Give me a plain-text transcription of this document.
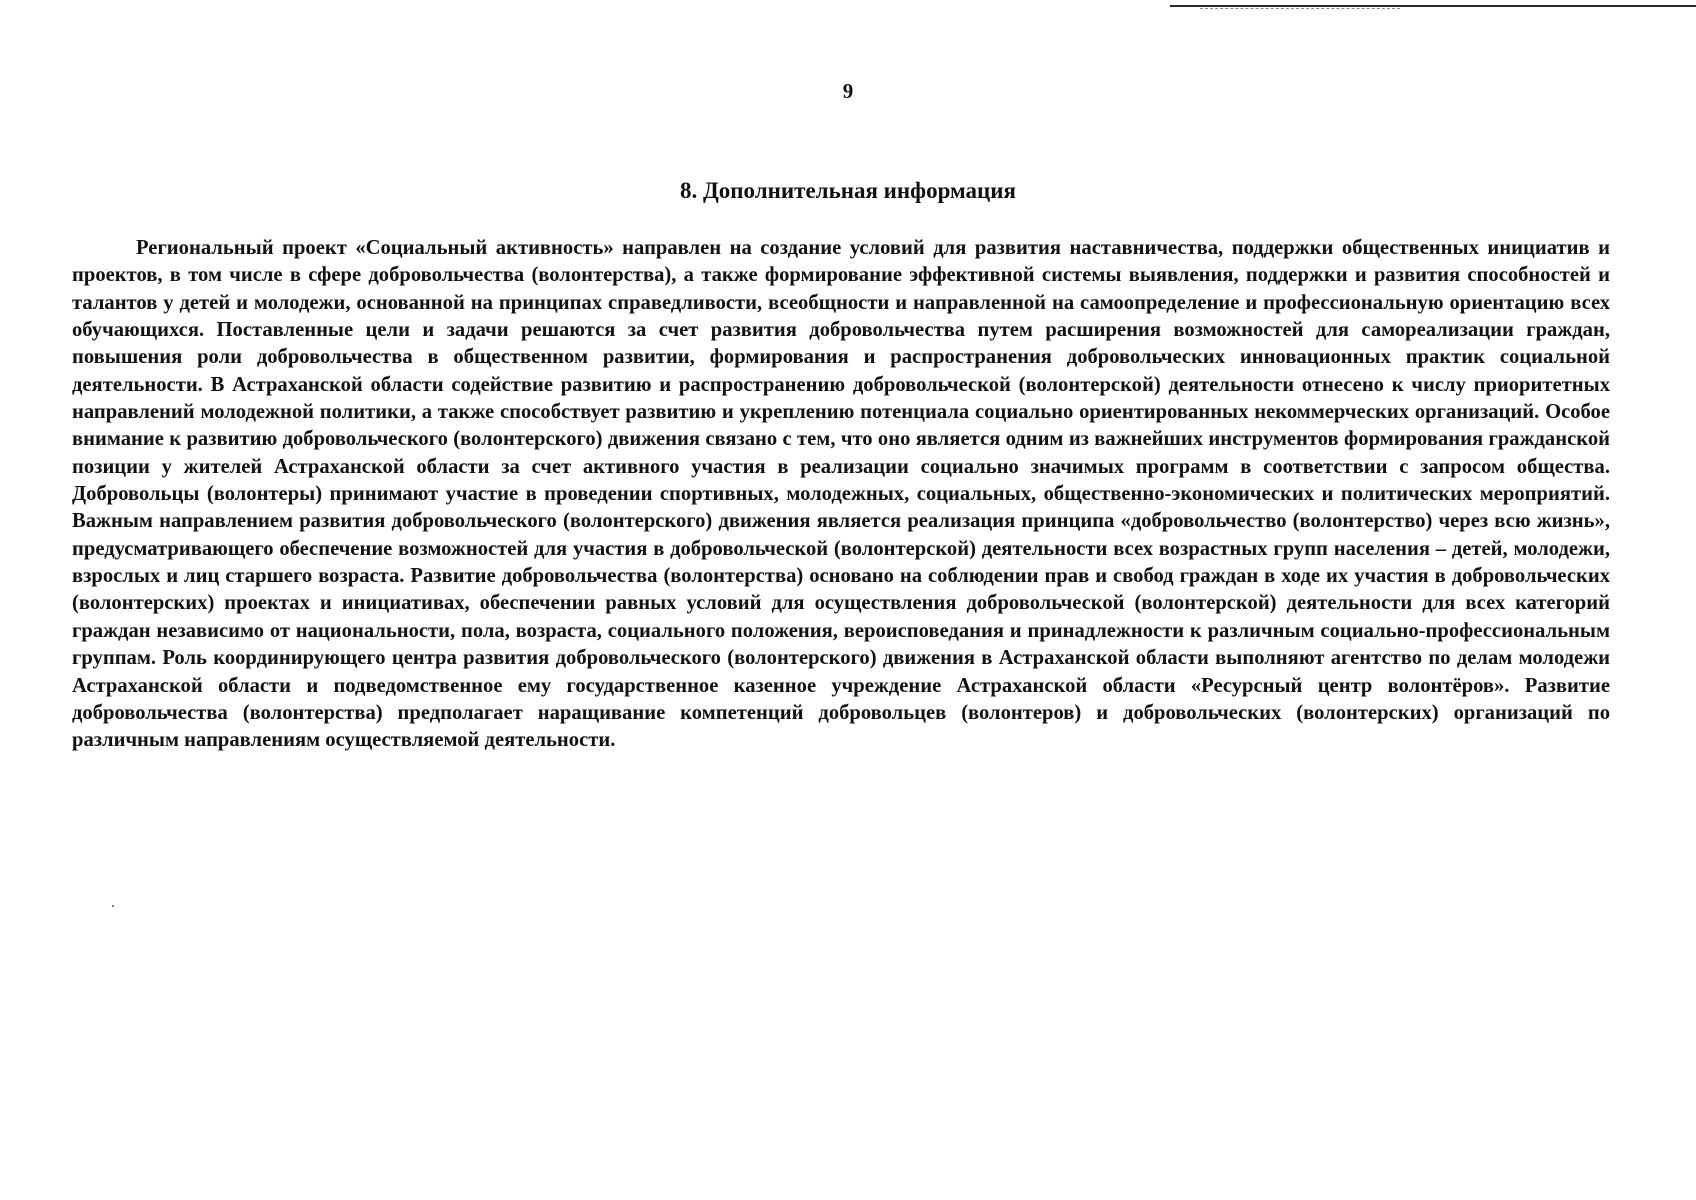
9
8. Дополнительная информация

Региональный проект «Социальный активность» направлен на создание условий для развития наставничества, поддержки общественных инициатив и проектов, в том числе в сфере добровольчества (волонтерства), а также формирование эффективной системы выявления, поддержки и развития способностей и талантов у детей и молодежи, основанной на принципах справедливости, всеобщности и направленной на самоопределение и профессиональную ориентацию всех обучающихся. Поставленные цели и задачи решаются за счет развития добровольчества путем расширения возможностей для самореализации граждан, повышения роли добровольчества в общественном развитии, формирования и распространения добровольческих инновационных практик социальной деятельности. В Астраханской области содействие развитию и распространению добровольческой (волонтерской) деятельности отнесено к числу приоритетных направлений молодежной политики, а также способствует развитию и укреплению потенциала социально ориентированных некоммерческих организаций. Особое внимание к развитию добровольческого (волонтерского) движения связано с тем, что оно является одним из важнейших инструментов формирования гражданской позиции у жителей Астраханской области за счет активного участия в реализации социально значимых программ в соответствии с запросом общества. Добровольцы (волонтеры) принимают участие в проведении спортивных, молодежных, социальных, общественно-экономических и политических мероприятий. Важным направлением развития добровольческого (волонтерского) движения является реализация принципа «добровольчество (волонтерство) через всю жизнь», предусматривающего обеспечение возможностей для участия в добровольческой (волонтерской) деятельности всех возрастных групп населения – детей, молодежи, взрослых и лиц старшего возраста. Развитие добровольчества (волонтерства) основано на соблюдении прав и свобод граждан в ходе их участия в добровольческих (волонтерских) проектах и инициативах, обеспечении равных условий для осуществления добровольческой (волонтерской) деятельности для всех категорий граждан независимо от национальности, пола, возраста, социального положения, вероисповедания и принадлежности к различным социально-профессиональным группам. Роль координирующего центра развития добровольческого (волонтерского) движения в Астраханской области выполняют агентство по делам молодежи Астраханской области и подведомственное ему государственное казенное учреждение Астраханской области «Ресурсный центр волонтёров». Развитие добровольчества (волонтерства) предполагает наращивание компетенций добровольцев (волонтеров) и добровольческих (волонтерских) организаций по различным направлениям осуществляемой деятельности.
